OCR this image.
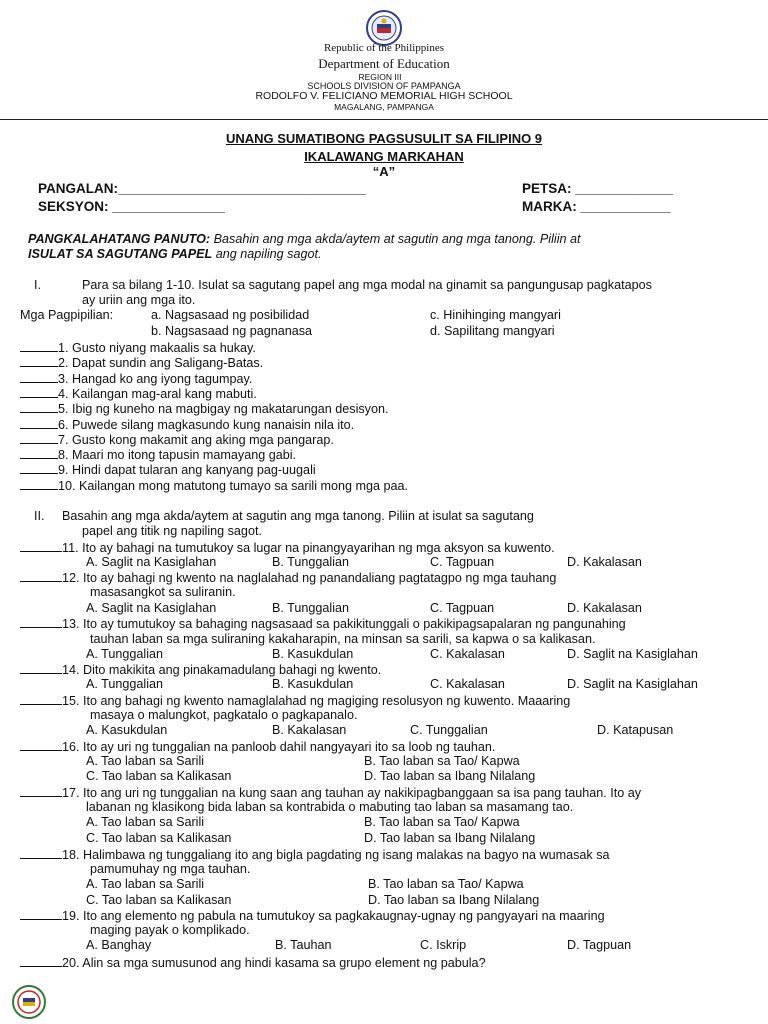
Republic of the Philippines
Department of Education
REGION III
SCHOOLS DIVISION OF PAMPANGA
RODOLFO V. FELICIANO MEMORIAL HIGH SCHOOL
MAGALANG, PAMPANGA
UNANG SUMATIBONG PAGSUSULIT SA FILIPINO 9
IKALAWANG MARKAHAN
“A”
PANGALAN:_________________________________	PETSA: _____________
SEKSYON: _______________	MARKA: ____________
PANGKALAHATANG PANUTO: Basahin ang mga akda/aytem at sagutin ang mga tanong. Piliin at
ISULAT SA SAGUTANG PAPEL ang napiling sagot.
I.	Para sa bilang 1-10. Isulat sa sagutang papel ang mga modal na ginamit sa pangungusap pagkatapos
ay uriin ang mga ito.
Mga Pagpipilian:	a. Nagsasaad ng posibilidad	c. Hinihinging mangyari
b. Nagsasaad ng pagnanasa	d. Sapilitang mangyari
1. Gusto niyang makaalis sa hukay.
2. Dapat sundin ang Saligang-Batas.
3. Hangad ko ang iyong tagumpay.
4. Kailangan mag-aral kang mabuti.
5. Ibig ng kuneho na magbigay ng makatarungan desisyon.
6. Puwede silang magkasundo kung nanaisin nila ito.
7. Gusto kong makamit ang aking mga pangarap.
8. Maari mo itong tapusin mamayang gabi.
9. Hindi dapat tularan ang kanyang pag-uugali
10. Kailangan mong matutong tumayo sa sarili mong mga paa.
II. Basahin ang mga akda/aytem at sagutin ang mga tanong. Piliin at isulat sa sagutang
papel ang titik ng napiling sagot.
11. Ito ay bahagi na tumutukoy sa lugar na pinangyayarihan ng mga aksyon sa kuwento.
A. Saglit na Kasiglahan	B. Tunggalian	C. Tagpuan	D. Kakalasan
12. Ito ay bahagi ng kwento na naglalahad ng panandaliang pagtatagpo ng mga tauhang
masasangkot sa suliranin.
A. Saglit na Kasiglahan	B. Tunggalian	C. Tagpuan	D. Kakalasan
13. Ito ay tumutukoy sa bahaging nagsasaad sa pakikitunggali o pakikipagsapalaran ng pangunahing
tauhan laban sa mga suliraning kakaharapin, na minsan sa sarili, sa kapwa o sa kalikasan.
A. Tunggalian	B. Kasukdulan	C. Kakalasan	D. Saglit na Kasiglahan
14. Dito makikita ang pinakamadulang bahagi ng kwento.
A. Tunggalian	B. Kasukdulan	C. Kakalasan	D. Saglit na Kasiglahan
15. Ito ang bahagi ng kwento namaglalahad ng magiging resolusyon ng kuwento. Maaaring
masaya o malungkot, pagkatalo o pagkapanalo.
A. Kasukdulan	B. Kakalasan	C. Tunggalian	D. Katapusan
16. Ito ay uri ng tunggalian na panloob dahil nangyayari ito sa loob ng tauhan.
A. Tao laban sa Sarili	B. Tao laban sa Tao/ Kapwa
C. Tao laban sa Kalikasan	D. Tao laban sa Ibang Nilalang
17. Ito ang uri ng tunggalian na kung saan ang tauhan ay nakikipagbanggaan sa isa pang tauhan. Ito ay
labanan ng klasikong bida laban sa kontrabida o mabuting tao laban sa masamang tao.
A. Tao laban sa Sarili	B. Tao laban sa Tao/ Kapwa
C. Tao laban sa Kalikasan	D. Tao laban sa Ibang Nilalang
18. Halimbawa ng tunggaliang ito ang bigla pagdating ng isang malakas na bagyo na wumasak sa
pamumuhay ng mga tauhan.
A. Tao laban sa Sarili	B. Tao laban sa Tao/ Kapwa
C. Tao laban sa Kalikasan	D. Tao laban sa Ibang Nilalang
19. Ito ang elemento ng pabula na tumutukoy sa pagkakaugnay-ugnay ng pangyayari na maaring
maging payak o komplikado.
A. Banghay	B. Tauhan	C. Iskrip	D. Tagpuan
20. Alin sa mga sumusunod ang hindi kasama sa grupo element ng pabula?
